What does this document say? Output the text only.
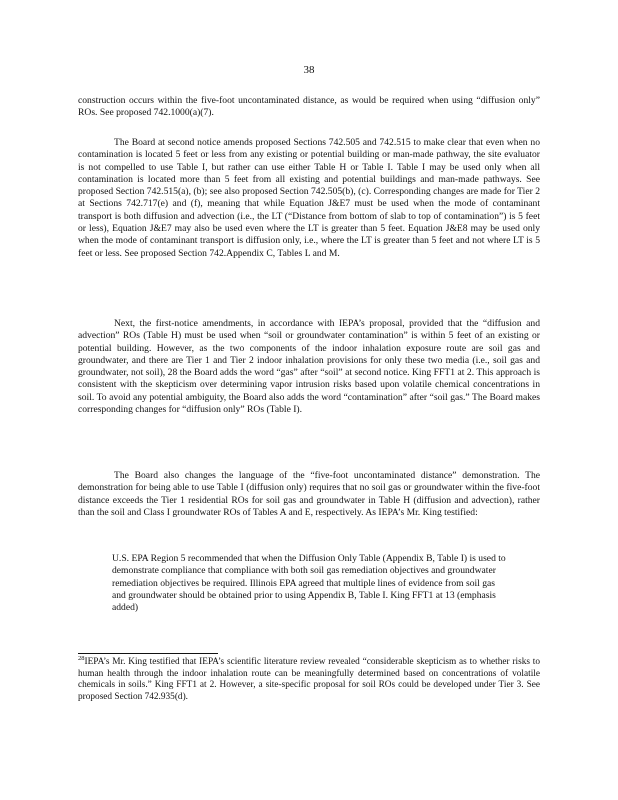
38

construction occurs within the five-foot uncontaminated distance, as would be required when using “diffusion only” ROs. See proposed 742.1000(a)(7).

The Board at second notice amends proposed Sections 742.505 and 742.515 to make clear that even when no contamination is located 5 feet or less from any existing or potential building or man-made pathway, the site evaluator is not compelled to use Table I, but rather can use either Table H or Table I. Table I may be used only when all contamination is located more than 5 feet from all existing and potential buildings and man-made pathways. See proposed Section 742.515(a), (b); see also proposed Section 742.505(b), (c). Corresponding changes are made for Tier 2 at Sections 742.717(e) and (f), meaning that while Equation J&E7 must be used when the mode of contaminant transport is both diffusion and advection (i.e., the LT (“Distance from bottom of slab to top of contamination”) is 5 feet or less), Equation J&E7 may also be used even where the LT is greater than 5 feet. Equation J&E8 may be used only when the mode of contaminant transport is diffusion only, i.e., where the LT is greater than 5 feet and not where LT is 5 feet or less. See proposed Section 742.Appendix C, Tables L and M.

Next, the first-notice amendments, in accordance with IEPA’s proposal, provided that the “diffusion and advection” ROs (Table H) must be used when “soil or groundwater contamination” is within 5 feet of an existing or potential building. However, as the two components of the indoor inhalation exposure route are soil gas and groundwater, and there are Tier 1 and Tier 2 indoor inhalation provisions for only these two media (i.e., soil gas and groundwater, not soil), 28 the Board adds the word “gas” after “soil” at second notice. King FFT1 at 2. This approach is consistent with the skepticism over determining vapor intrusion risks based upon volatile chemical concentrations in soil. To avoid any potential ambiguity, the Board also adds the word “contamination” after “soil gas.” The Board makes corresponding changes for “diffusion only” ROs (Table I).

The Board also changes the language of the “five-foot uncontaminated distance” demonstration. The demonstration for being able to use Table I (diffusion only) requires that no soil gas or groundwater within the five-foot distance exceeds the Tier 1 residential ROs for soil gas and groundwater in Table H (diffusion and advection), rather than the soil and Class I groundwater ROs of Tables A and E, respectively. As IEPA’s Mr. King testified:

U.S. EPA Region 5 recommended that when the Diffusion Only Table (Appendix B, Table I) is used to demonstrate compliance that compliance with both soil gas remediation objectives and groundwater remediation objectives be required. Illinois EPA agreed that multiple lines of evidence from soil gas and groundwater should be obtained prior to using Appendix B, Table I. King FFT1 at 13 (emphasis added)

$^{28}$IEPA’s Mr. King testified that IEPA’s scientific literature review revealed “considerable skepticism as to whether risks to human health through the indoor inhalation route can be meaningfully determined based on concentrations of volatile chemicals in soils.” King FFT1 at 2. However, a site-specific proposal for soil ROs could be developed under Tier 3. See proposed Section 742.935(d).
